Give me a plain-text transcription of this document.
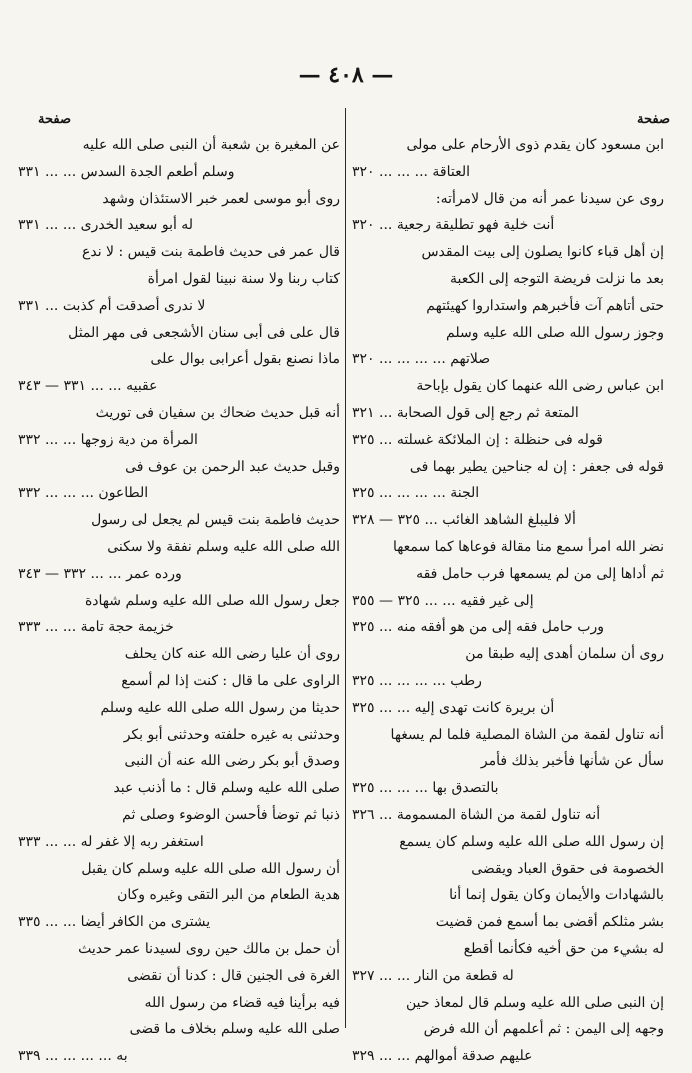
— ٤٠٨ —
صفحة
صفحة
ابن مسعود كان يقدم ذوى الأرحام على مولى
العتاقة ... ... ... ٣٢٠
روى عن سيدنا عمر أنه من قال لامرأته:
أنت خلية فهو تطليقة رجعية ... ٣٢٠
إن أهل قباء كانوا يصلون إلى بيت المقدس
بعد ما نزلت فريضة التوجه إلى الكعبة
حتى أتاهم آت فأخبرهم واستداروا كهيئتهم
وجوز رسول الله صلى الله عليه وسلم
صلاتهم ... ... ... ... ٣٢٠
ابن عباس رضى الله عنهما كان يقول بإباحة
المتعة ثم رجع إلى قول الصحابة ... ٣٢١
قوله فى حنظلة : إن الملائكة غسلته ... ٣٢٥
قوله فى جعفر : إن له جناحين يطير بهما فى
الجنة ... ... ... ... ٣٢٥
ألا فليبلغ الشاهد الغائب ... ٣٢٥ — ٣٢٨
نضر الله امرأ سمع منا مقالة فوعاها كما سمعها
ثم أداها إلى من لم يسمعها فرب حامل فقه
إلى غير فقيه ... ... ٣٢٥ — ٣٥٥
ورب حامل فقه إلى من هو أفقه منه ... ٣٢٥
روى أن سلمان أهدى إليه طبقا من
رطب ... ... ... ... ٣٢٥
أن بريرة كانت تهدى إليه ... ... ٣٢٥
أنه تناول لقمة من الشاة المصلية فلما لم يسغها
سأل عن شأنها فأخبر بذلك فأمر
بالتصدق بها ... ... ... ٣٢٥
أنه تناول لقمة من الشاة المسمومة ... ٣٢٦
إن رسول الله صلى الله عليه وسلم كان يسمع
الخصومة فى حقوق العباد ويقضى
بالشهادات والأيمان وكان يقول إنما أنا
بشر مثلكم أقضى بما أسمع فمن قضيت
له بشيء من حق أخيه فكأنما أقطع
له قطعة من النار ... ... ٣٢٧
إن النبى صلى الله عليه وسلم قال لمعاذ حين
وجهه إلى اليمن : ثم أعلمهم أن الله فرض
عليهم صدقة أموالهم ... ... ٣٢٩
عن المغيرة بن شعبة أن النبى صلى الله عليه
وسلم أطعم الجدة السدس ... ... ٣٣١
روى أبو موسى لعمر خبر الاستئذان وشهد
له أبو سعيد الخدرى ... ... ٣٣١
قال عمر فى حديث فاطمة بنت قيس : لا ندع
كتاب ربنا ولا سنة نبينا لقول امرأة
لا ندرى أصدقت أم كذبت ... ٣٣١
قال على فى أبى سنان الأشجعى فى مهر المثل
ماذا نصنع بقول أعرابى بوال على
عقبيه ... ... ٣٣١ — ٣٤٣
أنه قبل حديث ضحاك بن سفيان فى توريث
المرأة من دية زوجها ... ... ٣٣٢
وقبل حديث عبد الرحمن بن عوف فى
الطاعون ... ... ... ٣٣٢
حديث فاطمة بنت قيس لم يجعل لى رسول
الله صلى الله عليه وسلم نفقة ولا سكنى
ورده عمر ... ... ٣٣٢ — ٣٤٣
جعل رسول الله صلى الله عليه وسلم شهادة
خزيمة حجة تامة ... ... ٣٣٣
روى أن عليا رضى الله عنه كان يحلف
الراوى على ما قال : كنت إذا لم أسمع
حديثا من رسول الله صلى الله عليه وسلم
وحدثنى به غيره حلفته وحدثنى أبو بكر
وصدق أبو بكر رضى الله عنه أن النبى
صلى الله عليه وسلم قال : ما أذنب عبد
ذنبا ثم توضأ فأحسن الوضوء وصلى ثم
استغفر ربه إلا غفر له ... ... ٣٣٣
أن رسول الله صلى الله عليه وسلم كان يقبل
هدية الطعام من البر التقى وغيره وكان
يشترى من الكافر أيضا ... ... ٣٣٥
أن حمل بن مالك حين روى لسيدنا عمر حديث
الغرة فى الجنين قال : كدنا أن نقضى
فيه برأينا فيه قضاء من رسول الله
صلى الله عليه وسلم بخلاف ما قضى
به ... ... ... ... ٣٣٩
